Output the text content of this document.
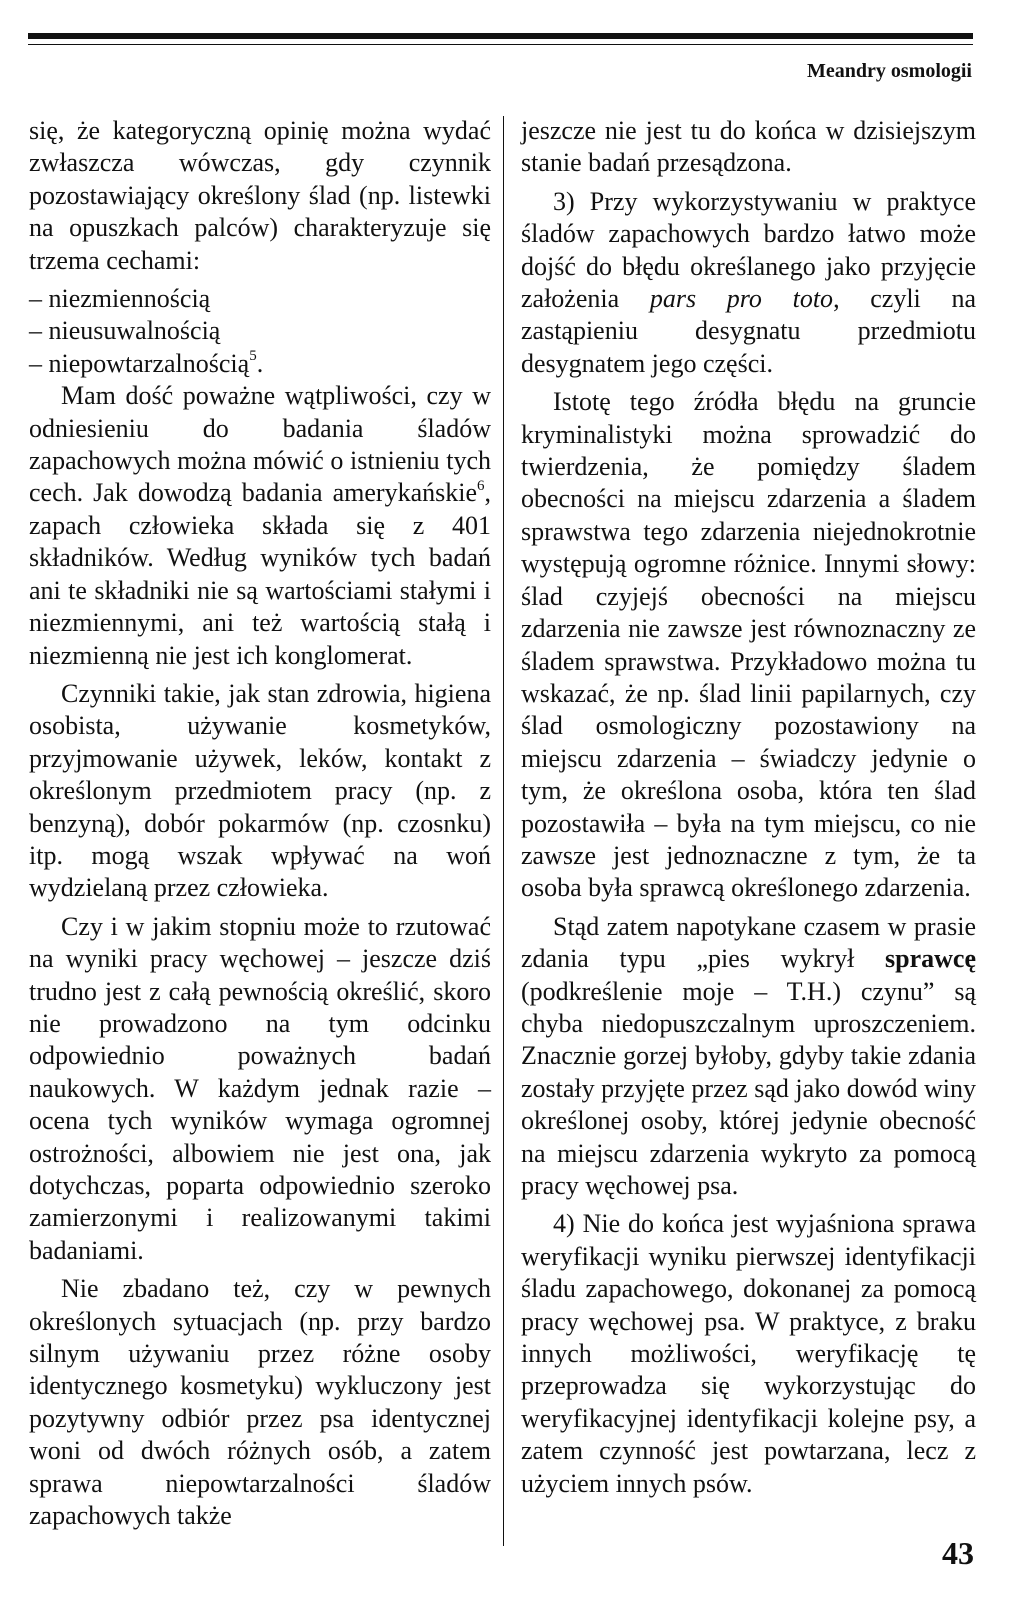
Meandry osmologii

się, że kategoryczną opinię można wydać zwłaszcza wówczas, gdy czynnik pozostawiający określony ślad (np. listewki na opuszkach palców) charakteryzuje się trzema cechami:

– niezmiennością
– nieusuwalnością
– niepowtarzalnością$^5$.

Mam dość poważne wątpliwości, czy w odniesieniu do badania śladów zapachowych można mówić o istnieniu tych cech. Jak dowodzą badania amerykańskie$^6$, zapach człowieka składa się z 401 składników. Według wyników tych badań ani te składniki nie są wartościami stałymi i niezmiennymi, ani też wartością stałą i niezmienną nie jest ich konglomerat.

Czynniki takie, jak stan zdrowia, higiena osobista, używanie kosmetyków, przyjmowanie używek, leków, kontakt z określonym przedmiotem pracy (np. z benzyną), dobór pokarmów (np. czosnku) itp. mogą wszak wpływać na woń wydzielaną przez człowieka.

Czy i w jakim stopniu może to rzutować na wyniki pracy węchowej – jeszcze dziś trudno jest z całą pewnością określić, skoro nie prowadzono na tym odcinku odpowiednio poważnych badań naukowych. W każdym jednak razie – ocena tych wyników wymaga ogromnej ostrożności, albowiem nie jest ona, jak dotychczas, poparta odpowiednio szeroko zamierzonymi i realizowanymi takimi badaniami.

Nie zbadano też, czy w pewnych określonych sytuacjach (np. przy bardzo silnym używaniu przez różne osoby identycznego kosmetyku) wykluczony jest pozytywny odbiór przez psa identycznej woni od dwóch różnych osób, a zatem sprawa niepowtarzalności śladów zapachowych także

jeszcze nie jest tu do końca w dzisiejszym stanie badań przesądzona.

3) Przy wykorzystywaniu w praktyce śladów zapachowych bardzo łatwo może dojść do błędu określanego jako przyjęcie założenia pars pro toto, czyli na zastąpieniu desygnatu przedmiotu desygnatem jego części.

Istotę tego źródła błędu na gruncie kryminalistyki można sprowadzić do twierdzenia, że pomiędzy śladem obecności na miejscu zdarzenia a śladem sprawstwa tego zdarzenia niejednokrotnie występują ogromne różnice. Innymi słowy: ślad czyjejś obecności na miejscu zdarzenia nie zawsze jest równoznaczny ze śladem sprawstwa. Przykładowo można tu wskazać, że np. ślad linii papilarnych, czy ślad osmologiczny pozostawiony na miejscu zdarzenia – świadczy jedynie o tym, że określona osoba, która ten ślad pozostawiła – była na tym miejscu, co nie zawsze jest jednoznaczne z tym, że ta osoba była sprawcą określonego zdarzenia.

Stąd zatem napotykane czasem w prasie zdania typu „pies wykrył sprawcę (podkreślenie moje – T.H.) czynu” są chyba niedopuszczalnym uproszczeniem. Znacznie gorzej byłoby, gdyby takie zdania zostały przyjęte przez sąd jako dowód winy określonej osoby, której jedynie obecność na miejscu zdarzenia wykryto za pomocą pracy węchowej psa.

4) Nie do końca jest wyjaśniona sprawa weryfikacji wyniku pierwszej identyfikacji śladu zapachowego, dokonanej za pomocą pracy węchowej psa. W praktyce, z braku innych możliwości, weryfikację tę przeprowadza się wykorzystując do weryfikacyjnej identyfikacji kolejne psy, a zatem czynność jest powtarzana, lecz z użyciem innych psów.

43
